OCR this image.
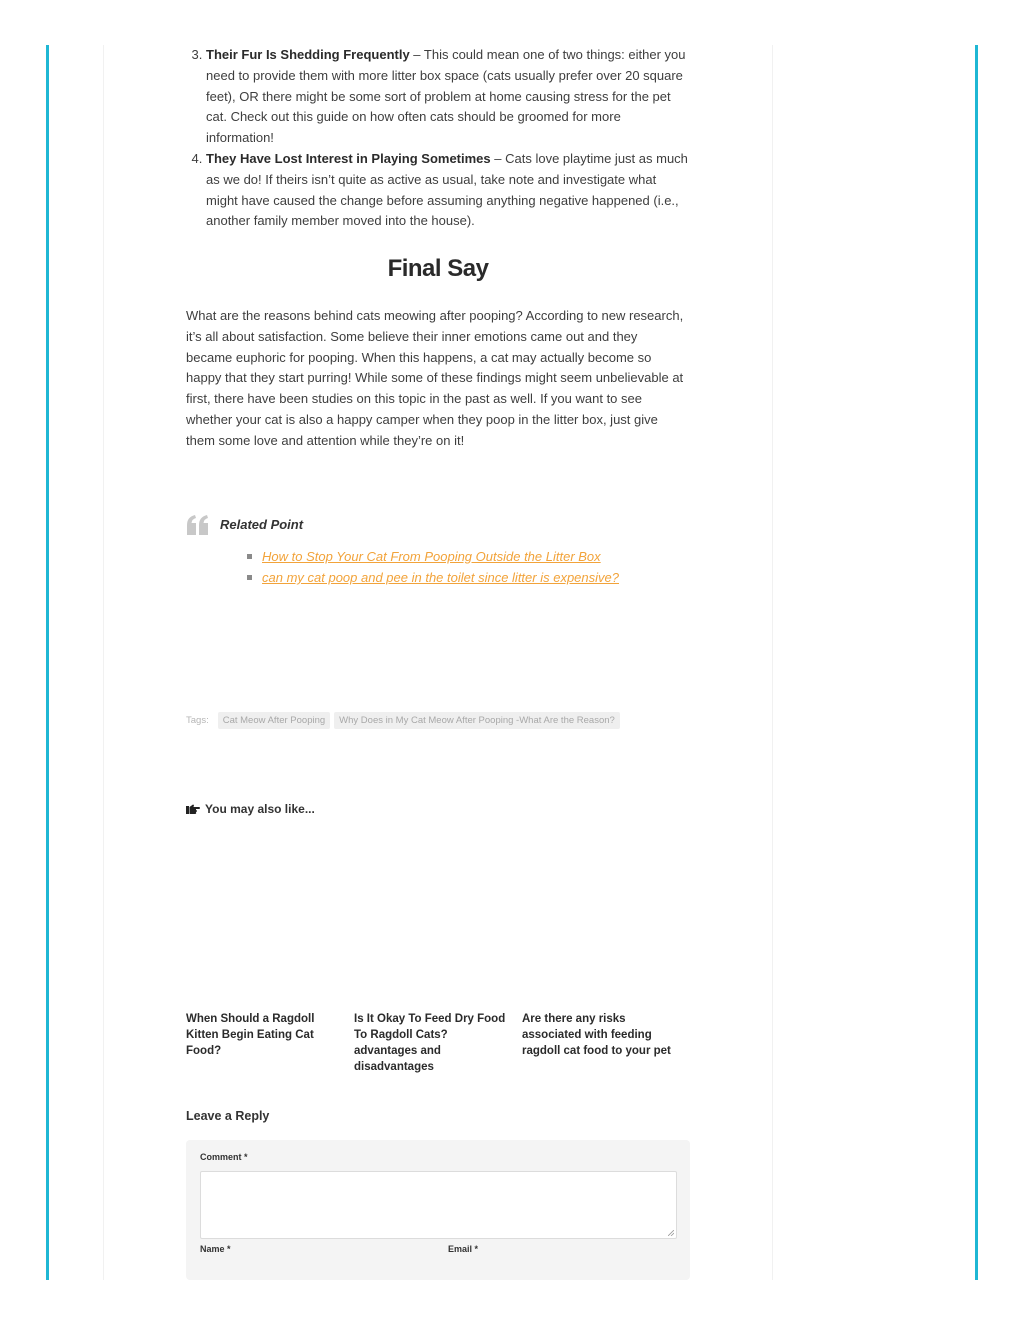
3. Their Fur Is Shedding Frequently – This could mean one of two things: either you need to provide them with more litter box space (cats usually prefer over 20 square feet), OR there might be some sort of problem at home causing stress for the pet cat. Check out this guide on how often cats should be groomed for more information!
4. They Have Lost Interest in Playing Sometimes – Cats love playtime just as much as we do! If theirs isn’t quite as active as usual, take note and investigate what might have caused the change before assuming anything negative happened (i.e., another family member moved into the house).
Final Say

What are the reasons behind cats meowing after pooping? According to new research, it’s all about satisfaction. Some believe their inner emotions came out and they became euphoric for pooping. When this happens, a cat may actually become so happy that they start purring! While some of these findings might seem unbelievable at first, there have been studies on this topic in the past as well. If you want to see whether your cat is also a happy camper when they poop in the litter box, just give them some love and attention while they’re on it!

Related Point
How to Stop Your Cat From Pooping Outside the Litter Box
can my cat poop and pee in the toilet since litter is expensive?
Tags:	Cat Meow After Pooping	Why Does in My Cat Meow After Pooping -What Are the Reason?
You may also like...
When Should a Ragdoll Kitten Begin Eating Cat Food?
Is It Okay To Feed Dry Food To Ragdoll Cats? advantages and disadvantages
Are there any risks associated with feeding ragdoll cat food to your pet
Leave a Reply
Comment *
Name *	Email *
